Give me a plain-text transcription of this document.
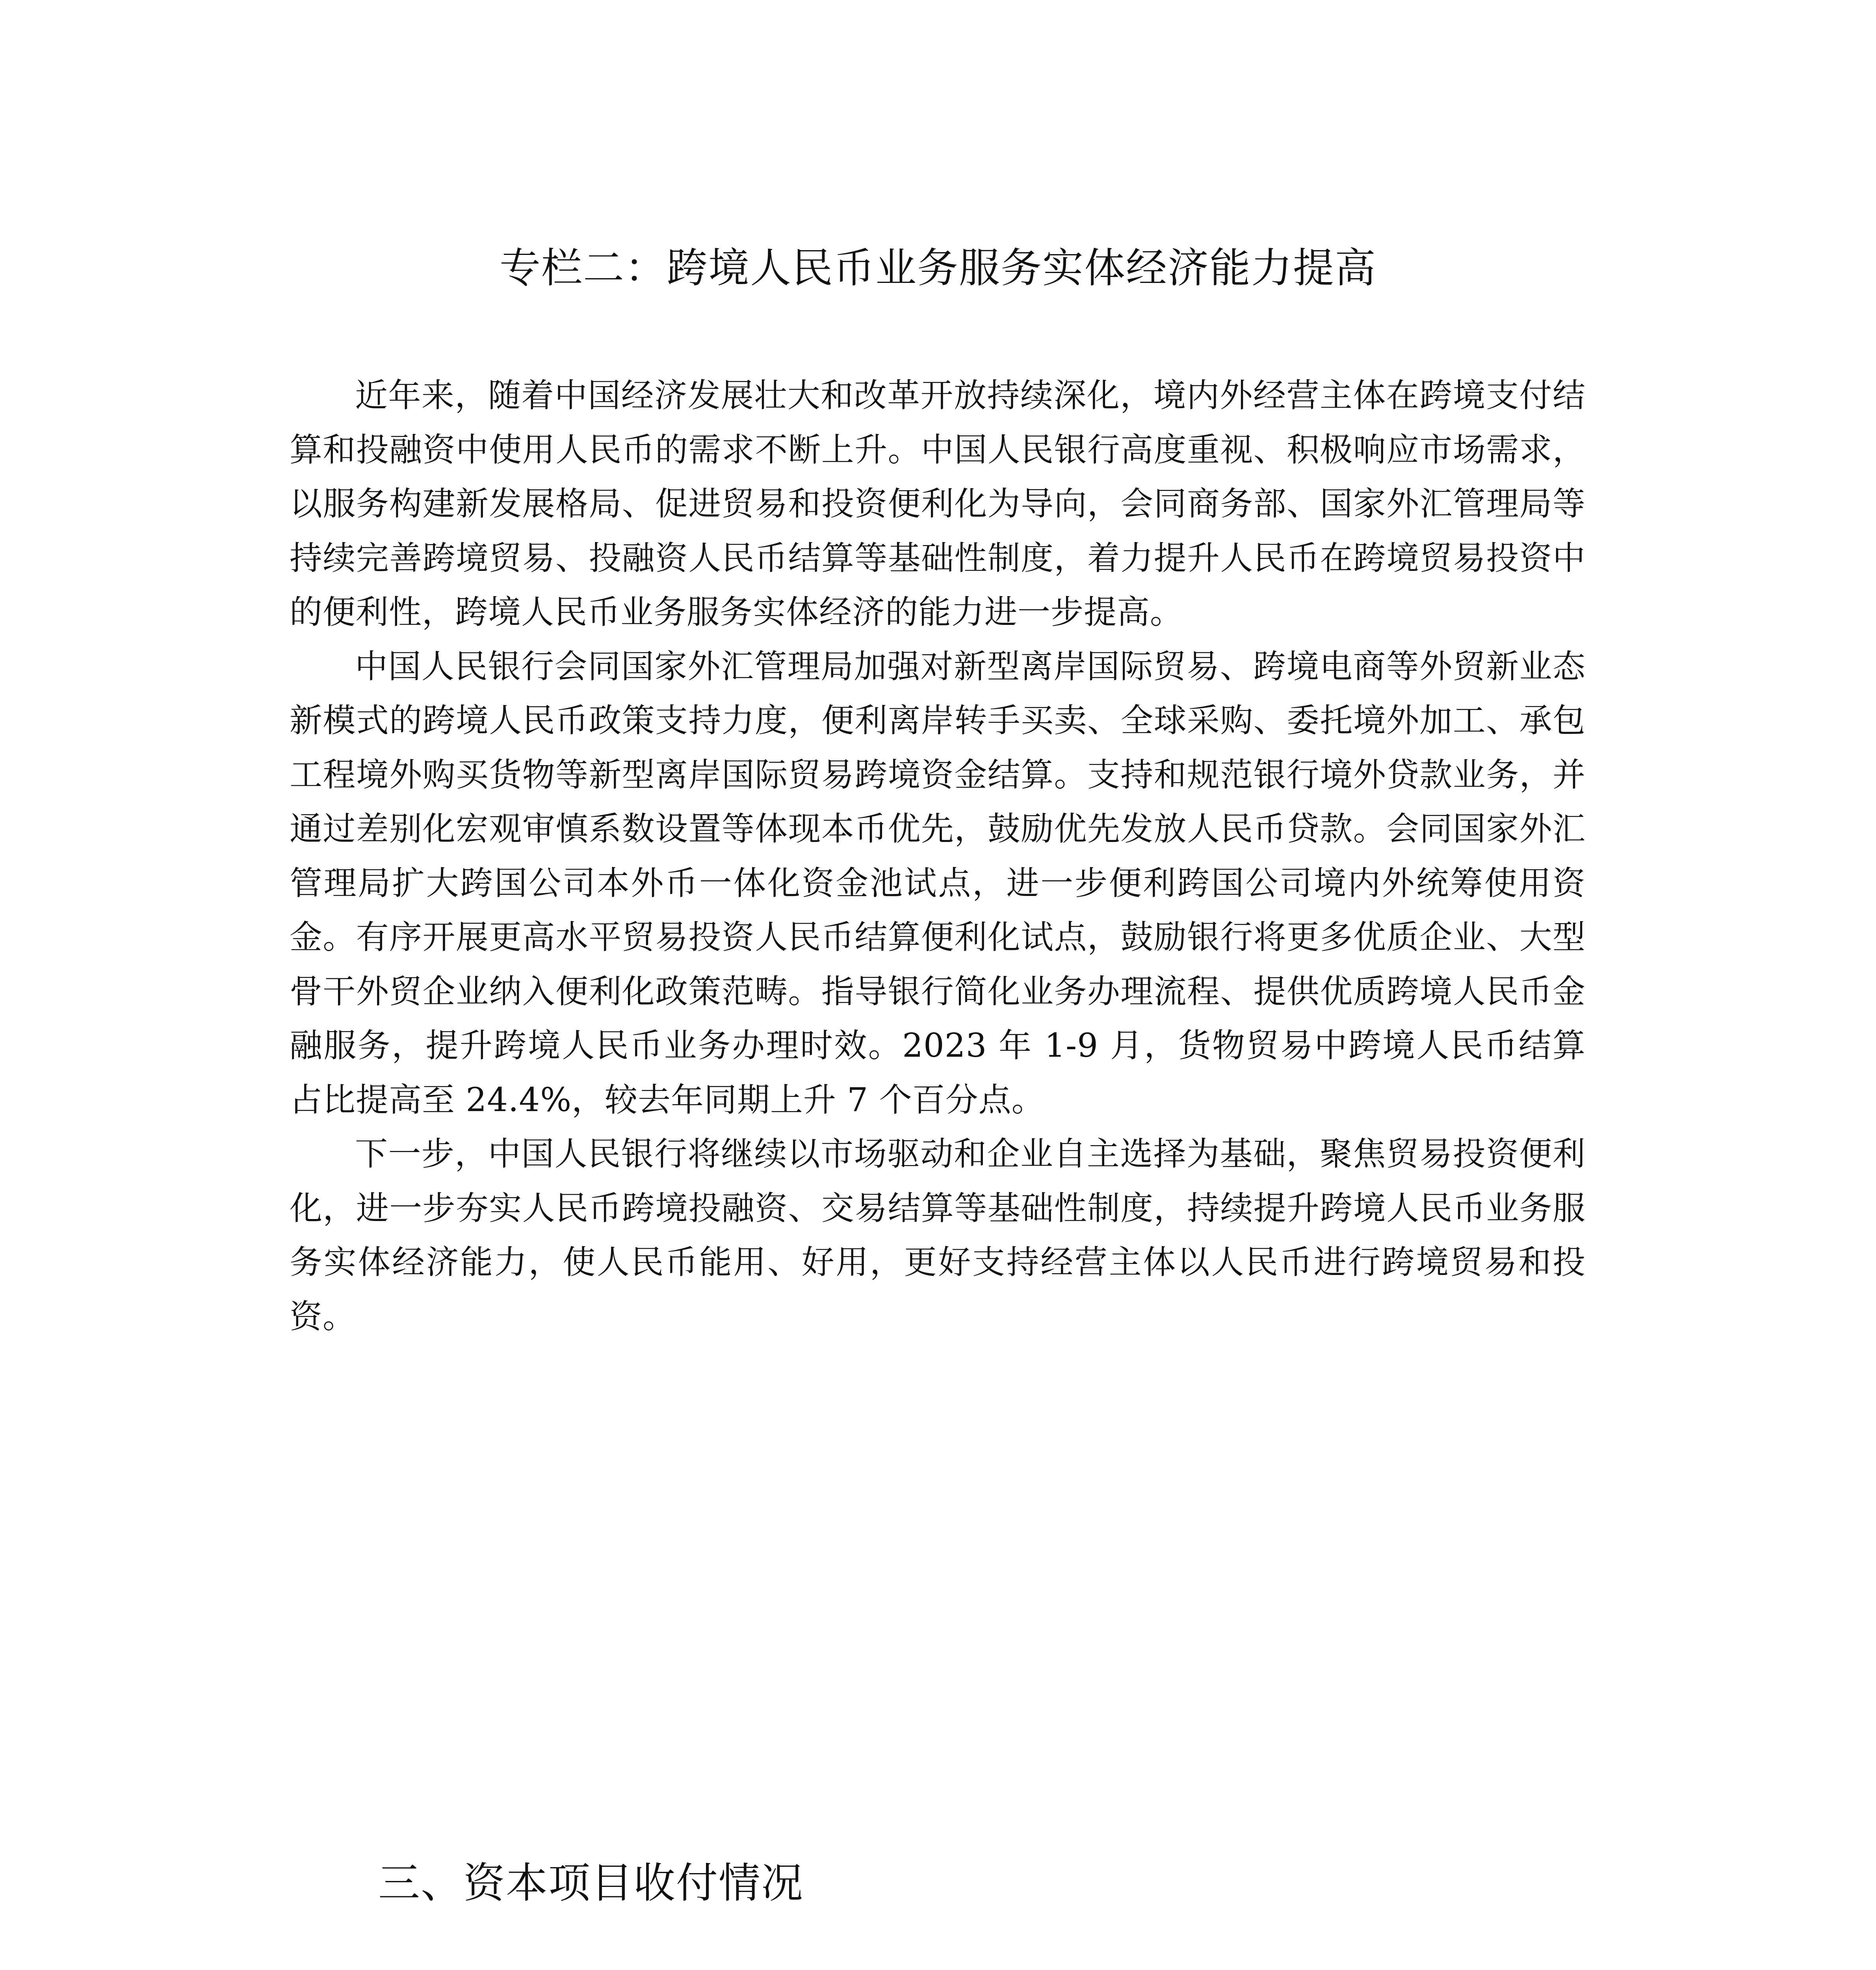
专栏二：跨境人民币业务服务实体经济能力提高

近年来，随着中国经济发展壮大和改革开放持续深化，境内外经营主体在跨境支付结算和投融资中使用人民币的需求不断上升。中国人民银行高度重视、积极响应市场需求，以服务构建新发展格局、促进贸易和投资便利化为导向，会同商务部、国家外汇管理局等持续完善跨境贸易、投融资人民币结算等基础性制度，着力提升人民币在跨境贸易投资中的便利性，跨境人民币业务服务实体经济的能力进一步提高。

中国人民银行会同国家外汇管理局加强对新型离岸国际贸易、跨境电商等外贸新业态新模式的跨境人民币政策支持力度，便利离岸转手买卖、全球采购、委托境外加工、承包工程境外购买货物等新型离岸国际贸易跨境资金结算。支持和规范银行境外贷款业务，并通过差别化宏观审慎系数设置等体现本币优先，鼓励优先发放人民币贷款。会同国家外汇管理局扩大跨国公司本外币一体化资金池试点，进一步便利跨国公司境内外统筹使用资金。有序开展更高水平贸易投资人民币结算便利化试点，鼓励银行将更多优质企业、大型骨干外贸企业纳入便利化政策范畴。指导银行简化业务办理流程、提供优质跨境人民币金融服务，提升跨境人民币业务办理时效。2023 年 1-9 月，货物贸易中跨境人民币结算占比提高至 24.4%，较去年同期上升 7 个百分点。

下一步，中国人民银行将继续以市场驱动和企业自主选择为基础，聚焦贸易投资便利化，进一步夯实人民币跨境投融资、交易结算等基础性制度，持续提升跨境人民币业务服务实体经济能力，使人民币能用、好用，更好支持经营主体以人民币进行跨境贸易和投资。

三、资本项目收付情况
